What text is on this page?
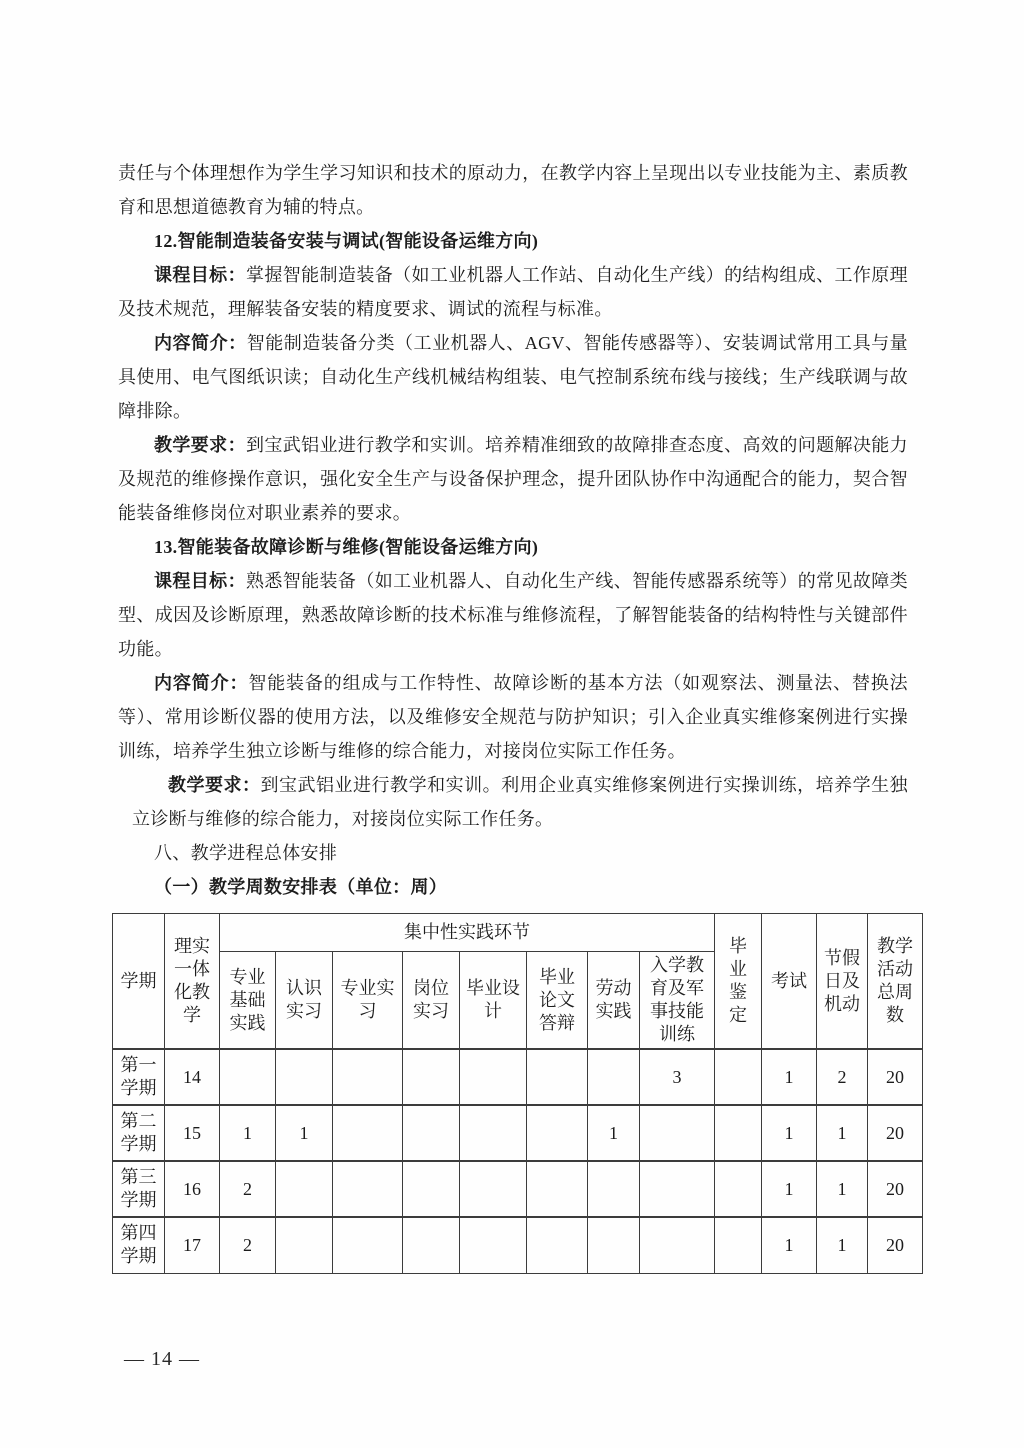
责任与个体理想作为学生学习知识和技术的原动力，在教学内容上呈现出以专业技能为主、素质教育和思想道德教育为辅的特点。

12.智能制造装备安装与调试(智能设备运维方向)

课程目标：掌握智能制造装备（如工业机器人工作站、自动化生产线）的结构组成、工作原理及技术规范，理解装备安装的精度要求、调试的流程与标准。

内容简介：智能制造装备分类（工业机器人、AGV、智能传感器等）、安装调试常用工具与量具使用、电气图纸识读；自动化生产线机械结构组装、电气控制系统布线与接线；生产线联调与故障排除。

教学要求：到宝武铝业进行教学和实训。培养精准细致的故障排查态度、高效的问题解决能力及规范的维修操作意识，强化安全生产与设备保护理念，提升团队协作中沟通配合的能力，契合智能装备维修岗位对职业素养的要求。

13.智能装备故障诊断与维修(智能设备运维方向)

课程目标：熟悉智能装备（如工业机器人、自动化生产线、智能传感器系统等）的常见故障类型、成因及诊断原理，熟悉故障诊断的技术标准与维修流程，了解智能装备的结构特性与关键部件功能。

内容简介：智能装备的组成与工作特性、故障诊断的基本方法（如观察法、测量法、替换法等）、常用诊断仪器的使用方法，以及维修安全规范与防护知识；引入企业真实维修案例进行实操训练，培养学生独立诊断与维修的综合能力，对接岗位实际工作任务。

教学要求：到宝武铝业进行教学和实训。利用企业真实维修案例进行实操训练，培养学生独立诊断与维修的综合能力，对接岗位实际工作任务。

八、教学进程总体安排

（一）教学周数安排表（单位：周）

学期	理实一体化教学	集中性实践环节								毕业鉴定	考试	节假日及机动	教学活动总周数
		专业基础实践	认识实习	专业实习	岗位实习	毕业设计	毕业论文答辩	劳动实践	入学教育及军事技能训练				
第一学期	14								3		1	2	20
第二学期	15	1	1					1			1	1	20
第三学期	16	2									1	1	20
第四学期	17	2									1	1	20
— 14 —
